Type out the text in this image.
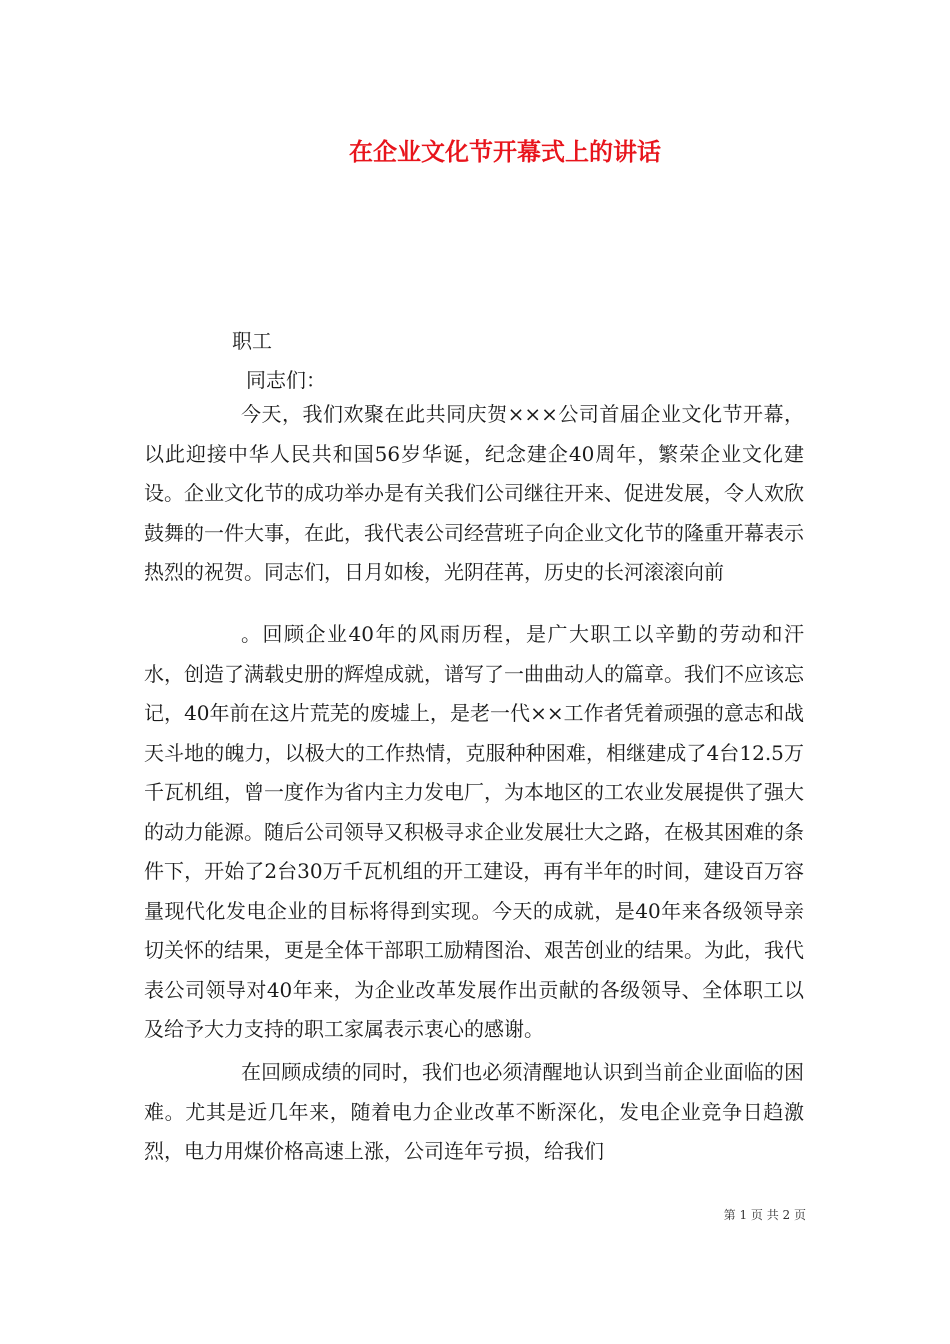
在企业文化节开幕式上的讲话

职工

同志们：

今天，我们欢聚在此共同庆贺×××公司首届企业文化节开幕，以此迎接中华人民共和国56岁华诞，纪念建企40周年，繁荣企业文化建设。企业文化节的成功举办是有关我们公司继往开来、促进发展，令人欢欣鼓舞的一件大事，在此，我代表公司经营班子向企业文化节的隆重开幕表示热烈的祝贺。同志们，日月如梭，光阴荏苒，历史的长河滚滚向前

。回顾企业40年的风雨历程，是广大职工以辛勤的劳动和汗水，创造了满载史册的辉煌成就，谱写了一曲曲动人的篇章。我们不应该忘记，40年前在这片荒芜的废墟上，是老一代××工作者凭着顽强的意志和战天斗地的魄力，以极大的工作热情，克服种种困难，相继建成了4台12.5万千瓦机组，曾一度作为省内主力发电厂，为本地区的工农业发展提供了强大的动力能源。随后公司领导又积极寻求企业发展壮大之路，在极其困难的条件下，开始了2台30万千瓦机组的开工建设，再有半年的时间，建设百万容量现代化发电企业的目标将得到实现。今天的成就，是40年来各级领导亲切关怀的结果，更是全体干部职工励精图治、艰苦创业的结果。为此，我代表公司领导对40年来，为企业改革发展作出贡献的各级领导、全体职工以及给予大力支持的职工家属表示衷心的感谢。

在回顾成绩的同时，我们也必须清醒地认识到当前企业面临的困难。尤其是近几年来，随着电力企业改革不断深化，发电企业竞争日趋激烈，电力用煤价格高速上涨，公司连年亏损，给我们

第 1 页 共 2 页
